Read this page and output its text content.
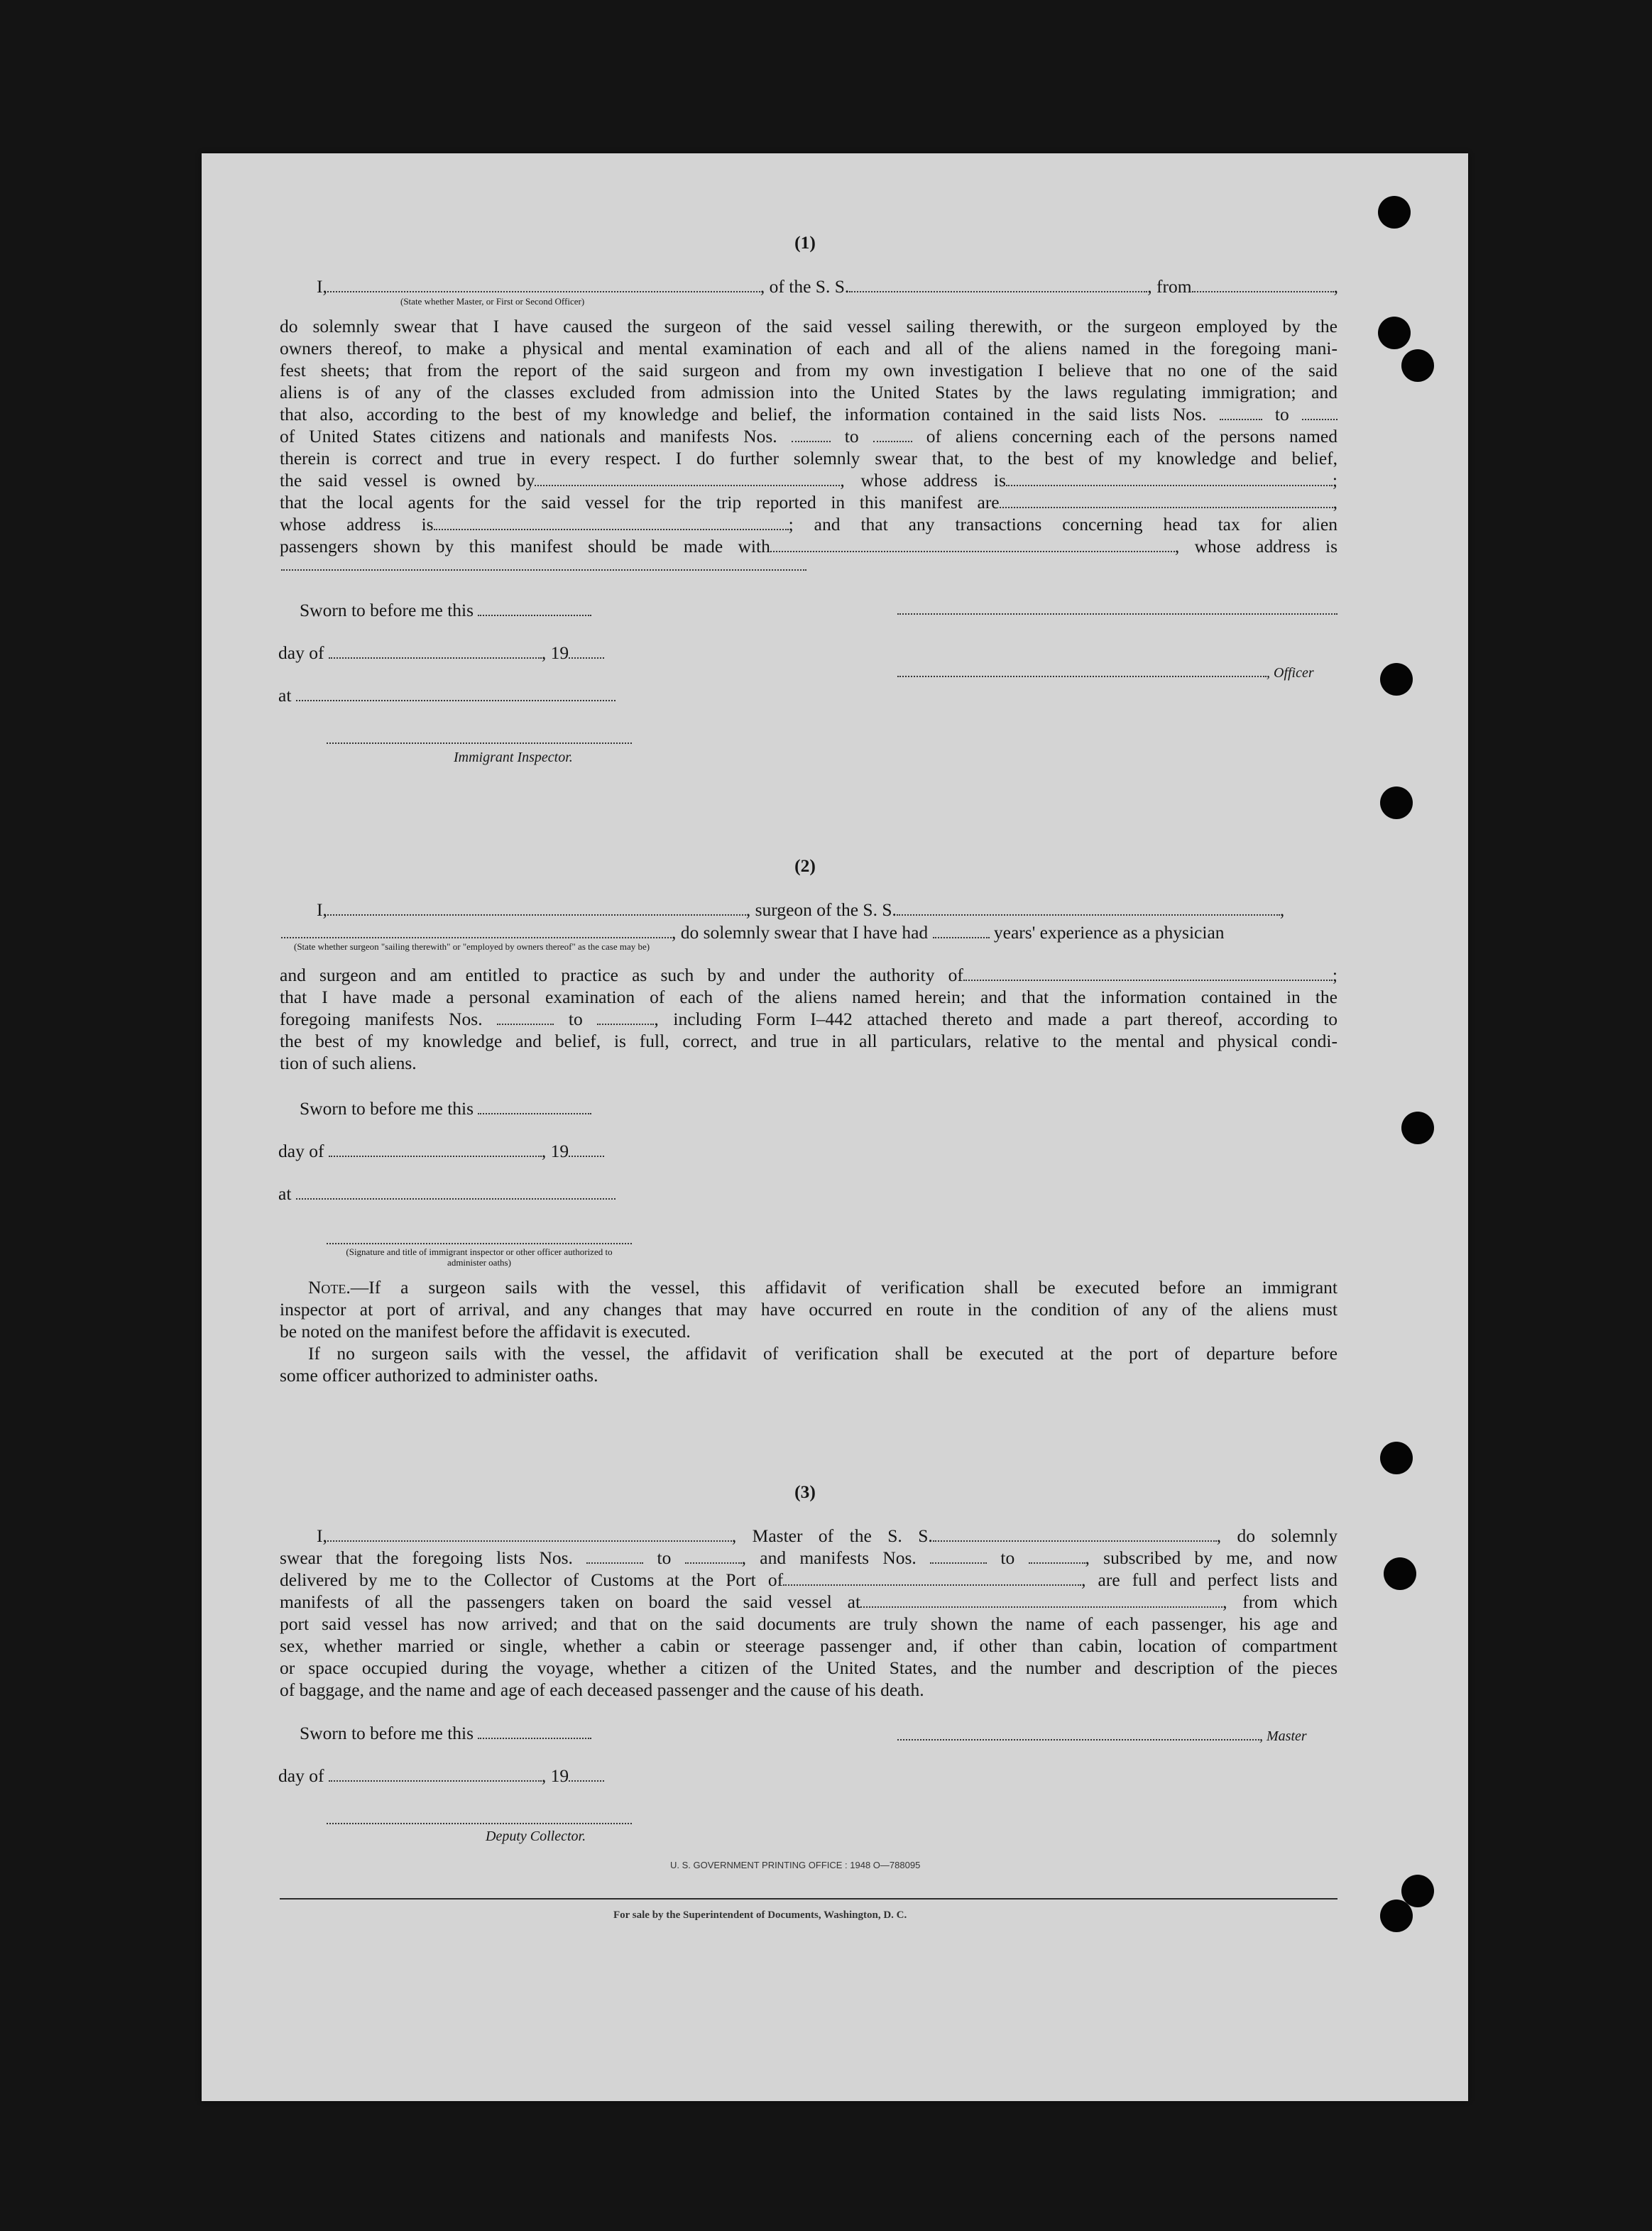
(1)
I,	, of the S. S.	, from	,
(State whether Master, or First or Second Officer)
do solemnly swear that I have caused the surgeon of the said vessel sailing therewith, or the surgeon employed by the
owners thereof, to make a physical and mental examination of each and all of the aliens named in the foregoing mani-
fest sheets; that from the report of the said surgeon and from my own investigation I believe that no one of the said
aliens is of any of the classes excluded from admission into the United States by the laws regulating immigration; and
that also, according to the best of my knowledge and belief, the information contained in the said lists Nos.	to
of United States citizens and nationals and manifests Nos.	to	of aliens concerning each of the persons named
therein is correct and true in every respect. I do further solemnly swear that, to the best of my knowledge and belief,
the said vessel is owned by	, whose address is	;
that the local agents for the said vessel for the trip reported in this manifest are	,
whose address is	; and that any transactions concerning head tax for alien
passengers shown by this manifest should be made with	, whose address is
Sworn to before me this
day of	, 19
, Officer
at
Immigrant Inspector.
(2)
I,	, surgeon of the S. S.	,
, do solemnly swear that I have had	years' experience as a physician
(State whether surgeon "sailing therewith" or "employed by owners thereof" as the case may be)
and surgeon and am entitled to practice as such by and under the authority of	;
that I have made a personal examination of each of the aliens named herein; and that the information contained in the
foregoing manifests Nos.	to	, including Form I–442 attached thereto and made a part thereof, according to
the best of my knowledge and belief, is full, correct, and true in all particulars, relative to the mental and physical condi-
tion of such aliens.
Sworn to before me this
day of	, 19
at
(Signature and title of immigrant inspector or other officer authorized to administer oaths)
Note.—If a surgeon sails with the vessel, this affidavit of verification shall be executed before an immigrant
inspector at port of arrival, and any changes that may have occurred en route in the condition of any of the aliens must
be noted on the manifest before the affidavit is executed.
If no surgeon sails with the vessel, the affidavit of verification shall be executed at the port of departure before
some officer authorized to administer oaths.
(3)
I,	, Master of the S. S.	, do solemnly
swear that the foregoing lists Nos.	to	, and manifests Nos.	to	, subscribed by me, and now
delivered by me to the Collector of Customs at the Port of	, are full and perfect lists and
manifests of all the passengers taken on board the said vessel at	, from which
port said vessel has now arrived; and that on the said documents are truly shown the name of each passenger, his age and
sex, whether married or single, whether a cabin or steerage passenger and, if other than cabin, location of compartment
or space occupied during the voyage, whether a citizen of the United States, and the number and description of the pieces
of baggage, and the name and age of each deceased passenger and the cause of his death.
Sworn to before me this	, Master
day of	, 19
Deputy Collector.
U. S. GOVERNMENT PRINTING OFFICE : 1948 O—788095
For sale by the Superintendent of Documents, Washington, D. C.
